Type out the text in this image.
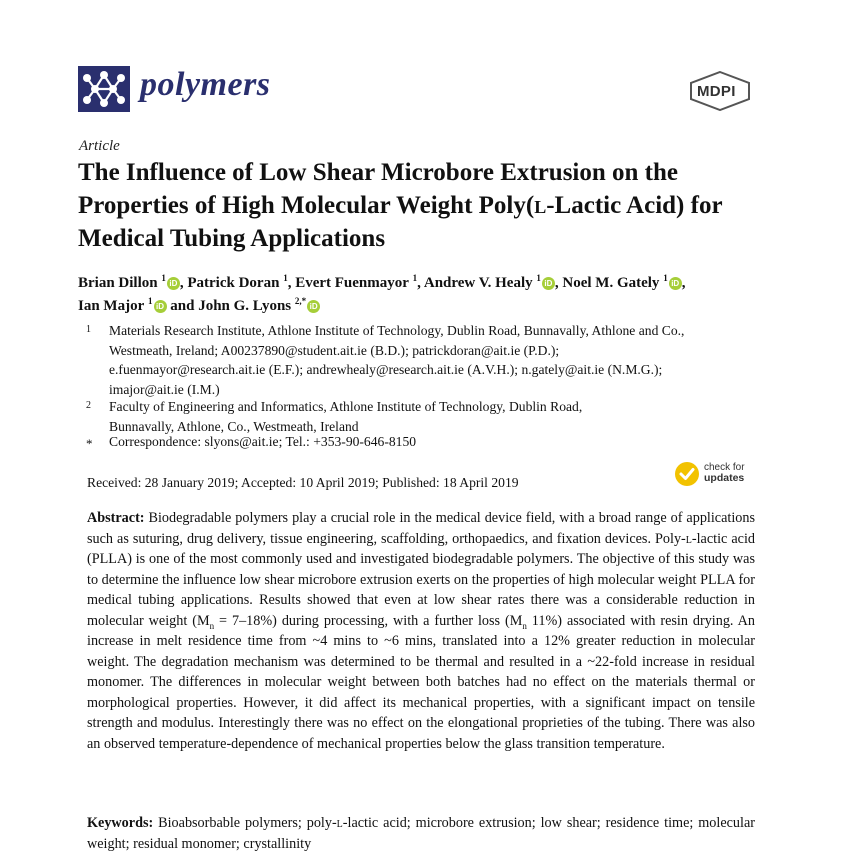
polymers	MDPI
Article
The Influence of Low Shear Microbore Extrusion on the Properties of High Molecular Weight Poly(l-Lactic Acid) for Medical Tubing Applications
Brian Dillon $^1$iD , Patrick Doran $^1$, Evert Fuenmayor $^1$, Andrew V. Healy $^1$iD , Noel M. Gately $^1$iD ,
Ian Major $^1$iD and John G. Lyons $^{2,*}$iD
1 Materials Research Institute, Athlone Institute of Technology, Dublin Road, Bunnavally, Athlone and Co.,
Westmeath, Ireland; A00237890@student.ait.ie (B.D.); patrickdoran@ait.ie (P.D.);
e.fuenmayor@research.ait.ie (E.F.); andrewhealy@research.ait.ie (A.V.H.); n.gately@ait.ie (N.M.G.);
imajor@ait.ie (I.M.)
2 Faculty of Engineering and Informatics, Athlone Institute of Technology, Dublin Road,
Bunnavally, Athlone, Co., Westmeath, Ireland
* Correspondence: slyons@ait.ie; Tel.: +353-90-646-8150
Received: 28 January 2019; Accepted: 10 April 2019; Published: 18 April 2019
check for
updates
Abstract: Biodegradable polymers play a crucial role in the medical device field, with a broad range of applications such as suturing, drug delivery, tissue engineering, scaffolding, orthopaedics, and fixation devices. Poly-l-lactic acid (PLLA) is one of the most commonly used and investigated biodegradable polymers. The objective of this study was to determine the influence low shear microbore extrusion exerts on the properties of high molecular weight PLLA for medical tubing applications. Results showed that even at low shear rates there was a considerable reduction in molecular weight $(M_n = 7-18\%)$ during processing, with a further loss ($M_n$ 11%) associated with resin drying. An increase in melt residence time from ~4 mins to ~6 mins, translated into a 12% greater reduction in molecular weight. The degradation mechanism was determined to be thermal and resulted in a ~22-fold increase in residual monomer. The differences in molecular weight between both batches had no effect on the materials thermal or morphological properties. However, it did affect its mechanical properties, with a significant impact on tensile strength and modulus. Interestingly there was no effect on the elongational proprieties of the tubing. There was also an observed temperature-dependence of mechanical properties below the glass transition temperature.
Keywords: Bioabsorbable polymers; poly-l-lactic acid; microbore extrusion; low shear; residence time; molecular weight; residual monomer; crystallinity
